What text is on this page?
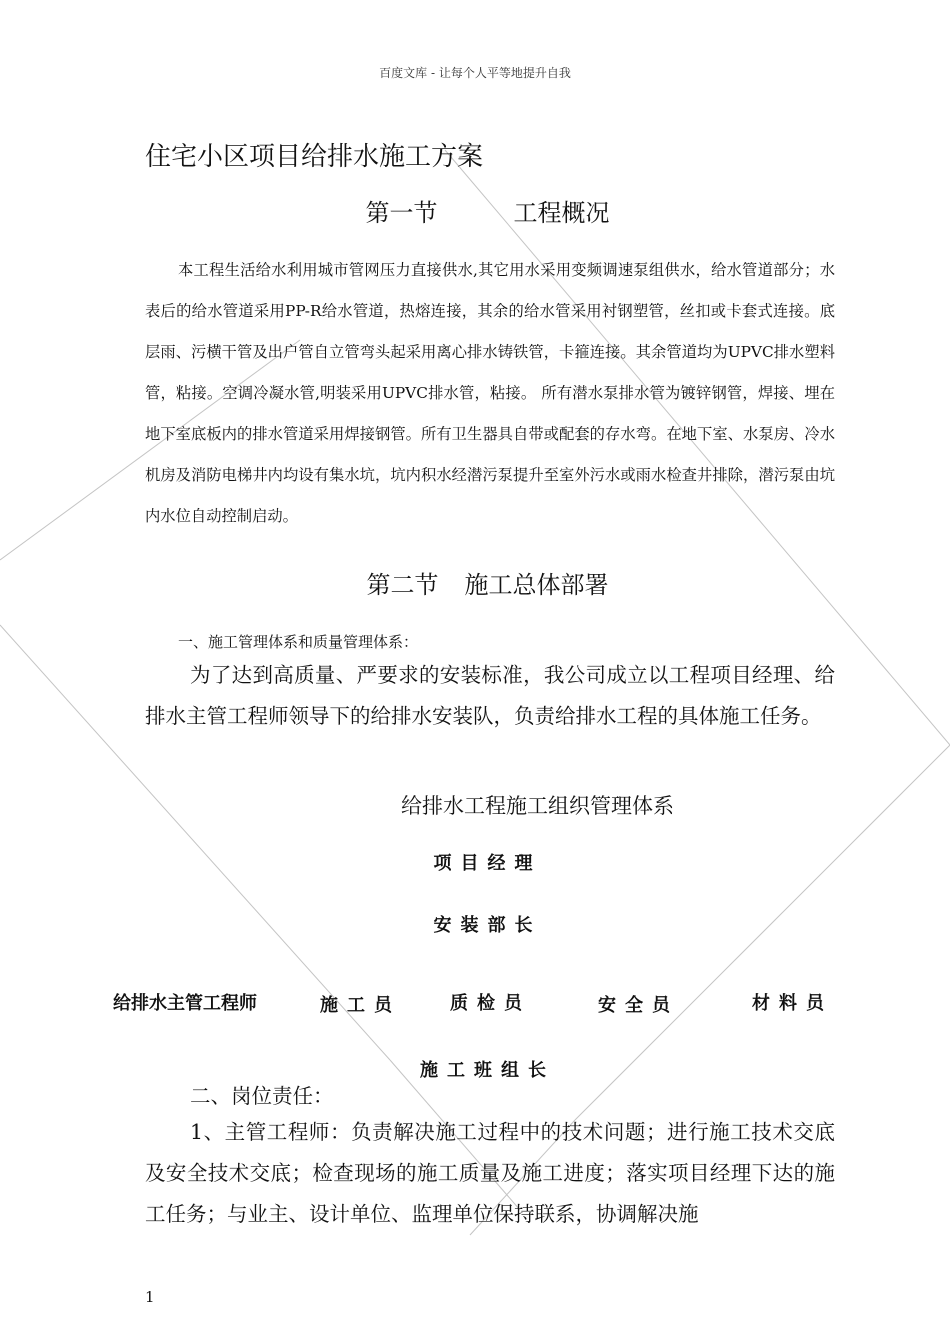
百度文库 - 让每个人平等地提升自我
住宅小区项目给排水施工方案
第一节	工程概况
本工程生活给水利用城市管网压力直接供水,其它用水采用变频调速泵组供水，给水管道部分；水表后的给水管道采用PP-R给水管道，热熔连接，其余的给水管采用衬钢塑管，丝扣或卡套式连接。底层雨、污横干管及出户管自立管弯头起采用离心排水铸铁管，卡箍连接。其余管道均为UPVC排水塑料管，粘接。空调冷凝水管,明装采用UPVC排水管，粘接。 所有潜水泵排水管为镀锌钢管，焊接、埋在地下室底板内的排水管道采用焊接钢管。所有卫生器具自带或配套的存水弯。在地下室、水泵房、冷水机房及消防电梯井内均设有集水坑，坑内积水经潜污泵提升至室外污水或雨水检查井排除，潜污泵由坑内水位自动控制启动。
第二节 施工总体部署
一、施工管理体系和质量管理体系：
为了达到高质量、严要求的安装标准，我公司成立以工程项目经理、给排水主管工程师领导下的给排水安装队，负责给排水工程的具体施工任务。
给排水工程施工组织管理体系
项目经理
安装部长
给排水主管工程师	施工员	质检员	安全员	材料员
施工班组长
二、岗位责任：
1、主管工程师：负责解决施工过程中的技术问题；进行施工技术交底及安全技术交底；检查现场的施工质量及施工进度；落实项目经理下达的施工任务；与业主、设计单位、监理单位保持联系，协调解决施
1
